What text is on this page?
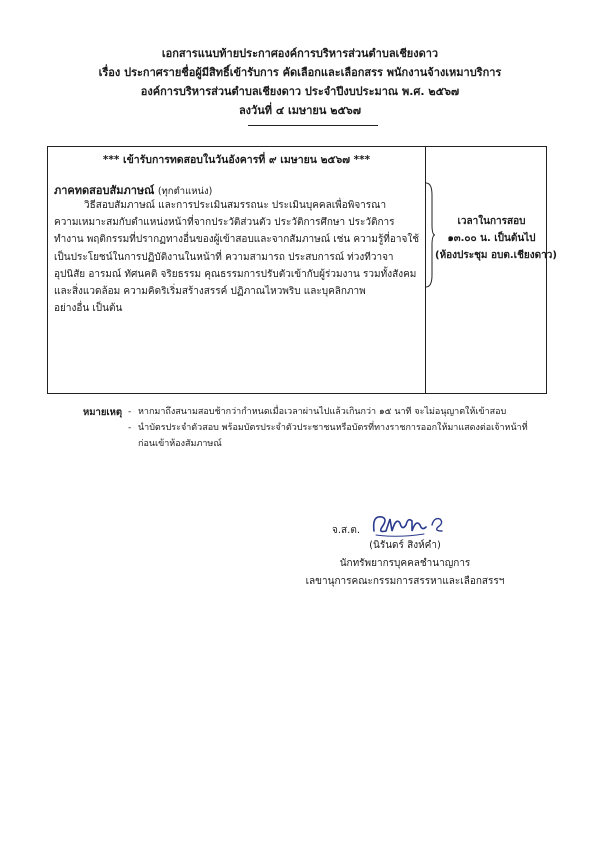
เอกสารแนบท้ายประกาศองค์การบริหารส่วนตำบลเชียงดาว
เรื่อง ประกาศรายชื่อผู้มีสิทธิ์เข้ารับการ คัดเลือกและเลือกสรร พนักงานจ้างเหมาบริการ
องค์การบริหารส่วนตำบลเชียงดาว ประจำปีงบประมาณ พ.ศ. ๒๕๖๗
ลงวันที่ ๔ เมษายน ๒๕๖๗
*** เข้ารับการทดสอบในวันอังคารที่ ๙ เมษายน ๒๕๖๗ ***
ภาคทดสอบสัมภาษณ์ (ทุกตำแหน่ง)
วิธีสอบสัมภาษณ์ และการประเมินสมรรถนะ ประเมินบุคคลเพื่อพิจารณา
ความเหมาะสมกับตำแหน่งหน้าที่จากประวัติส่วนตัว ประวัติการศึกษา ประวัติการ
ทำงาน พฤติกรรมที่ปรากฏทางอื่นของผู้เข้าสอบและจากสัมภาษณ์ เช่น ความรู้ที่อาจใช้
เป็นประโยชน์ในการปฏิบัติงานในหน้าที่ ความสามารถ ประสบการณ์ ท่วงทีวาจา
อุปนิสัย อารมณ์ ทัศนคติ จริยธรรม คุณธรรมการปรับตัวเข้ากับผู้ร่วมงาน รวมทั้งสังคม
และสิ่งแวดล้อม ความคิดริเริ่มสร้างสรรค์ ปฏิภาณไหวพริบ และบุคลิกภาพ
อย่างอื่น เป็นต้น
เวลาในการสอบ
๑๓.๐๐ น. เป็นต้นไป
(ห้องประชุม อบต.เชียงดาว)
หมายเหตุ - หากมาถึงสนามสอบช้ากว่ากำหนดเมื่อเวลาผ่านไปแล้วเกินกว่า ๑๕ นาที จะไม่อนุญาตให้เข้าสอบ
- นำบัตรประจำตัวสอบ พร้อมบัตรประจำตัวประชาชนหรือบัตรที่ทางราชการออกให้มาแสดงต่อเจ้าหน้าที่
ก่อนเข้าห้องสัมภาษณ์
จ.ส.ต.
(นิรันดร์ สิงห์คำ)
นักทรัพยากรบุคคลชำนาญการ
เลขานุการคณะกรรมการสรรหาและเลือกสรรฯ
